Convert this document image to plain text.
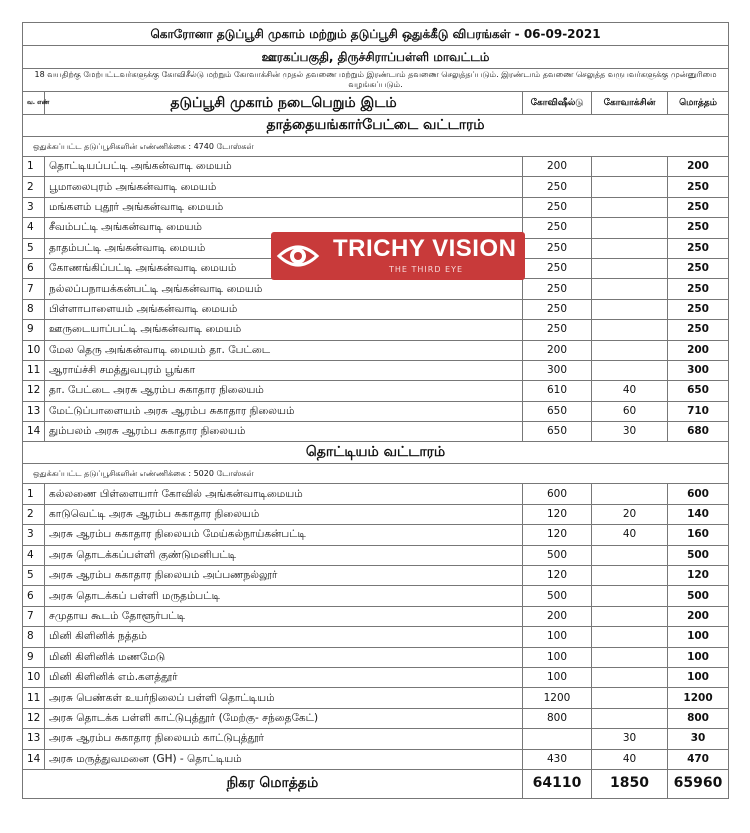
கொரோனா தடுப்பூசி முகாம் மற்றும் தடுப்பூசி ஒதுக்கீடு விபரங்கள் - 06-09-2021				
ஊரகப்பகுதி, திருச்சிராப்பள்ளி மாவட்டம்				
18 வயதிற்கு மேற்பட்டவர்களுக்கு கோவிசீல்டு மற்றும் கோவாக்சின் முதல் தவணை மற்றும் இரண்டாம் தவணை செலுத்தப்படும். இரண்டாம் தவணை செலுத்த வருபவர்களுக்கு முன்னுரிமை வழங்கப்படும்.				
வ. எண்	தடுப்பூசி முகாம் நடைபெறும் இடம்	கோவிஷீல்டு	கோவாக்சின்	மொத்தம்
தாத்தையங்கார்பேட்டை வட்டாரம்				
ஒதுக்கப்பட்ட தடுப்பூசிகளின் எண்ணிக்கை : 4740 டோஸ்கள்				
1	தொட்டியப்பட்டி அங்கன்வாடி மையம்	200		200
2	பூமாலைபுரம் அங்கன்வாடி மையம்	250		250
3	மங்களம் புதூர் அங்கன்வாடி மையம்	250		250
4	சீவம்பட்டி அங்கன்வாடி மையம்	250		250
5	தாதம்பட்டி அங்கன்வாடி மையம்	250		250
6	கோணங்கிப்பட்டி அங்கன்வாடி மையம்	250		250
7	நல்லப்பநாயக்கன்பட்டி அங்கன்வாடி மையம்	250		250
8	பிள்ளாபாளையம் அங்கன்வாடி மையம்	250		250
9	ஊருடையாப்பட்டி அங்கன்வாடி மையம்	250		250
10	மேல தெரு அங்கன்வாடி மையம் தா. பேட்டை	200		200
11	ஆராய்ச்சி சமத்துவபுரம் பூங்கா	300		300
12	தா. பேட்டை அரசு ஆரம்ப சுகாதார நிலையம்	610	40	650
13	மேட்டுப்பாளையம் அரசு ஆரம்ப சுகாதார நிலையம்	650	60	710
14	தும்பலம் அரசு ஆரம்ப சுகாதார நிலையம்	650	30	680
தொட்டியம் வட்டாரம்				
ஒதுக்கப்பட்ட தடுப்பூசிகளின் எண்ணிக்கை : 5020 டோஸ்கள்				
1	கல்லணை பிள்ளையார் கோவில் அங்கன்வாடிமையம்	600		600
2	காடுவெட்டி அரசு ஆரம்ப சுகாதார நிலையம்	120	20	140
3	அரசு ஆரம்ப சுகாதார நிலையம் மேய்கல்நாய்கன்பட்டி	120	40	160
4	அரசு தொடக்கப்பள்ளி குண்டுமனிபட்டி	500		500
5	அரசு ஆரம்ப சுகாதார நிலையம் அப்பணநல்லூர்	120		120
6	அரசு தொடக்கப் பள்ளி மருதம்பட்டி	500		500
7	சமுதாய கூடம் தோளூர்பட்டி	200		200
8	மினி கிளினிக் நத்தம்	100		100
9	மினி கிளினிக் மணமேடு	100		100
10	மினி கிளினிக் எம்.களத்தூர்	100		100
11	அரசு பெண்கள் உயர்நிலைப் பள்ளி தொட்டியம்	1200		1200
12	அரசு தொடக்க பள்ளி காட்டுபுத்தூர் (மேற்கு- சந்தைகேட்)	800		800
13	அரசு ஆரம்ப சுகாதார நிலையம் காட்டுபுத்தூர்		30	30
14	அரசு மருத்துவமனை (GH) - தொட்டியம்	430	40	470
நிகர மொத்தம்		64110	1850	65960
TRICHY VISION
THE THIRD EYE
